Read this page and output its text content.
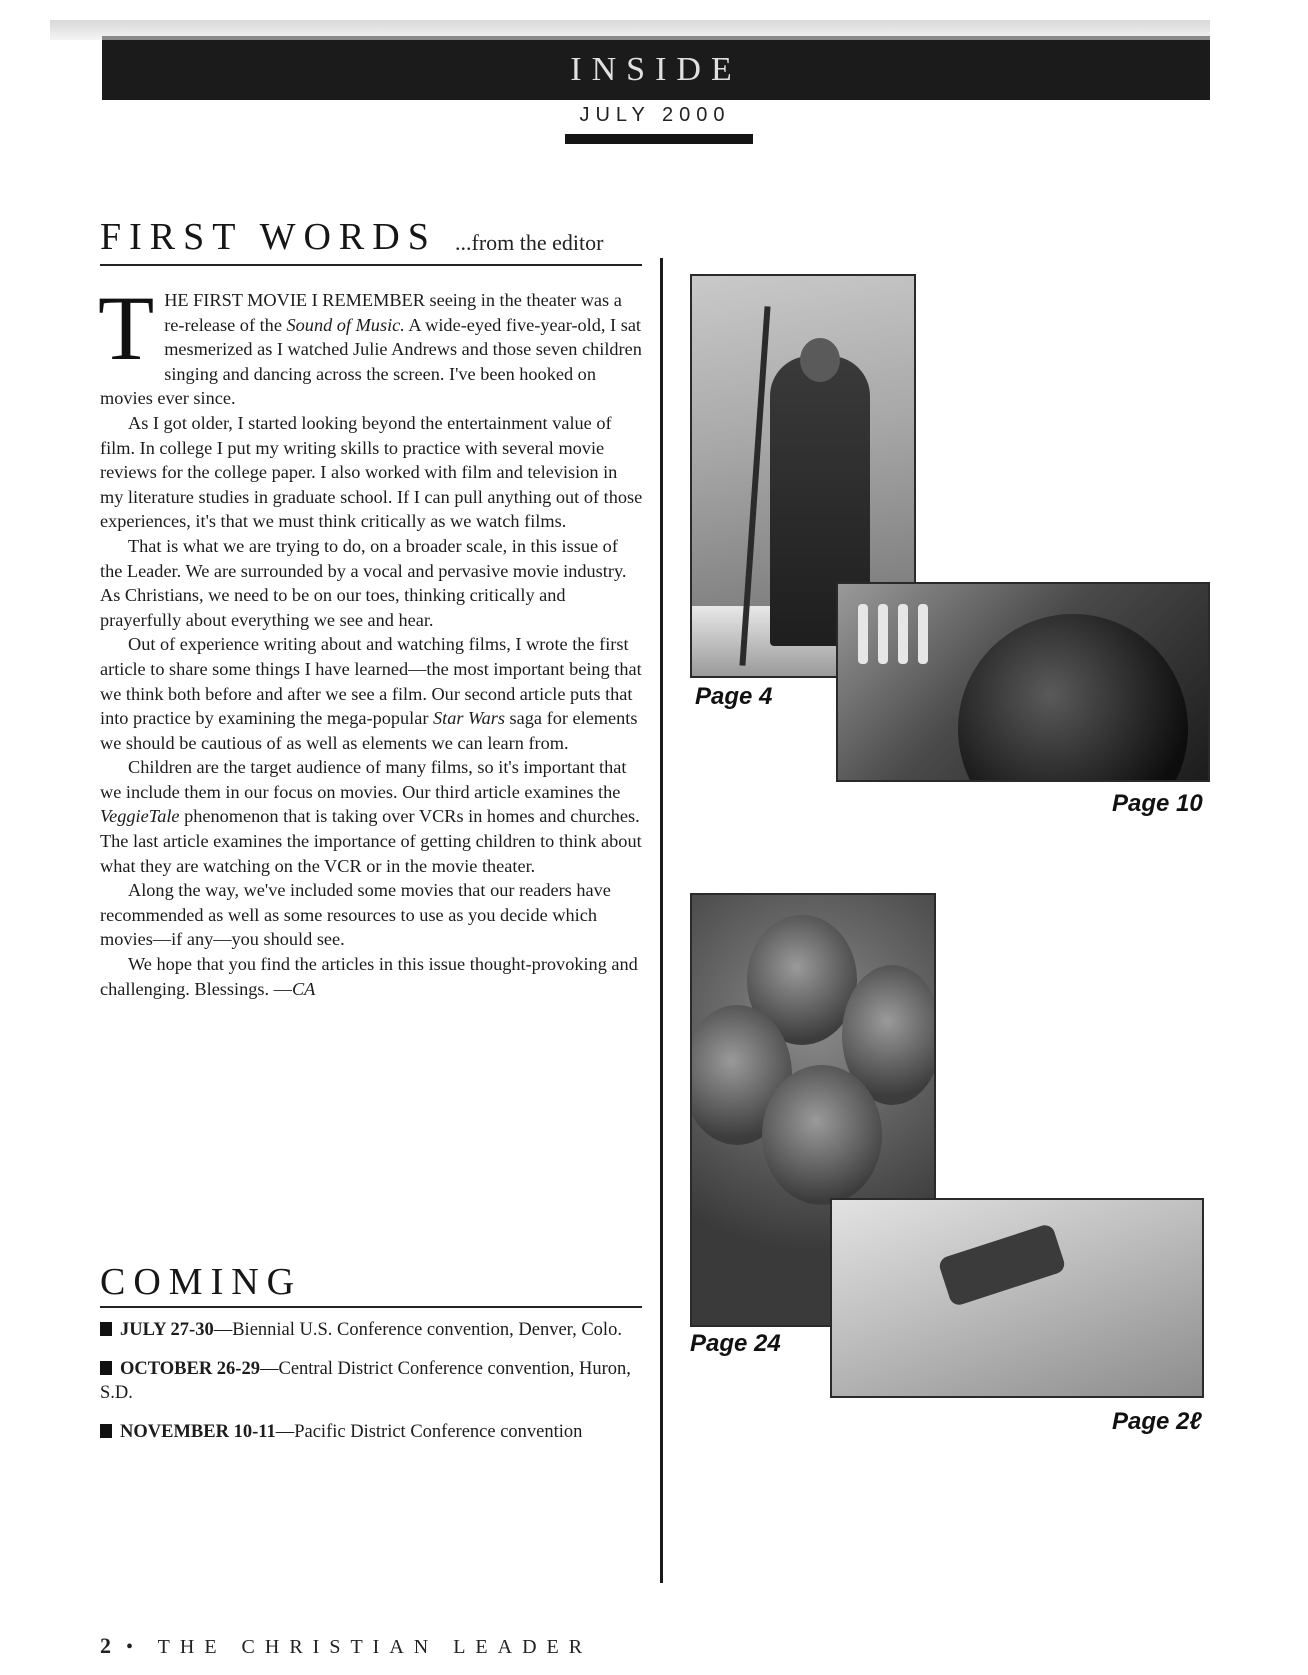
INSIDE
JULY 2000
FIRST WORDS ...from the editor

THE FIRST MOVIE I REMEMBER seeing in the theater was a re-release of the Sound of Music. A wide-eyed five-year-old, I sat mesmerized as I watched Julie Andrews and those seven children singing and dancing across the screen. I've been hooked on movies ever since.

As I got older, I started looking beyond the entertainment value of film. In college I put my writing skills to practice with several movie reviews for the college paper. I also worked with film and television in my literature studies in graduate school. If I can pull anything out of those experiences, it's that we must think critically as we watch films.

That is what we are trying to do, on a broader scale, in this issue of the Leader. We are surrounded by a vocal and pervasive movie industry. As Christians, we need to be on our toes, thinking critically and prayerfully about everything we see and hear.

Out of experience writing about and watching films, I wrote the first article to share some things I have learned—the most important being that we think both before and after we see a film. Our second article puts that into practice by examining the mega-popular Star Wars saga for elements we should be cautious of as well as elements we can learn from.

Children are the target audience of many films, so it's important that we include them in our focus on movies. Our third article examines the VeggieTale phenomenon that is taking over VCRs in homes and churches. The last article examines the importance of getting children to think about what they are watching on the VCR or in the movie theater.

Along the way, we've included some movies that our readers have recommended as well as some resources to use as you decide which movies—if any—you should see.

We hope that you find the articles in this issue thought-provoking and challenging. Blessings. —CA

COMING
JULY 27-30—Biennial U.S. Conference convention, Denver, Colo.
OCTOBER 26-29—Central District Conference convention, Huron, S.D.
NOVEMBER 10-11—Pacific District Conference convention
Page 4
Page 10
Page 24
Page 2ℓ
2 • THE CHRISTIAN LEADER
